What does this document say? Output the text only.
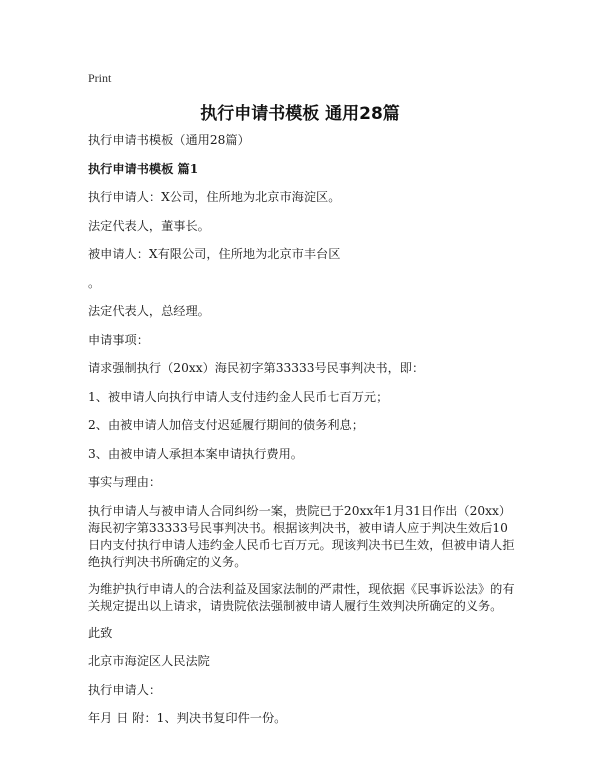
Print
执行申请书模板 通用28篇

执行申请书模板（通用28篇）

执行申请书模板 篇1

执行申请人：X公司，住所地为北京市海淀区。

法定代表人，董事长。

被申请人：X有限公司，住所地为北京市丰台区

。

法定代表人，总经理。

申请事项：

请求强制执行（20xx）海民初字第33333号民事判决书，即：

1、被申请人向执行申请人支付违约金人民币七百万元；

2、由被申请人加倍支付迟延履行期间的债务利息；

3、由被申请人承担本案申请执行费用。

事实与理由：

执行申请人与被申请人合同纠纷一案，贵院已于20xx年1月31日作出（20xx）海民初字第33333号民事判决书。根据该判决书，被申请人应于判决生效后10日内支付执行申请人违约金人民币七百万元。现该判决书已生效，但被申请人拒绝执行判决书所确定的义务。

为维护执行申请人的合法利益及国家法制的严肃性，现依据《民事诉讼法》的有关规定提出以上请求，请贵院依法强制被申请人履行生效判决所确定的义务。

此致

北京市海淀区人民法院

执行申请人：

年月 日 附：1、判决书复印件一份。
